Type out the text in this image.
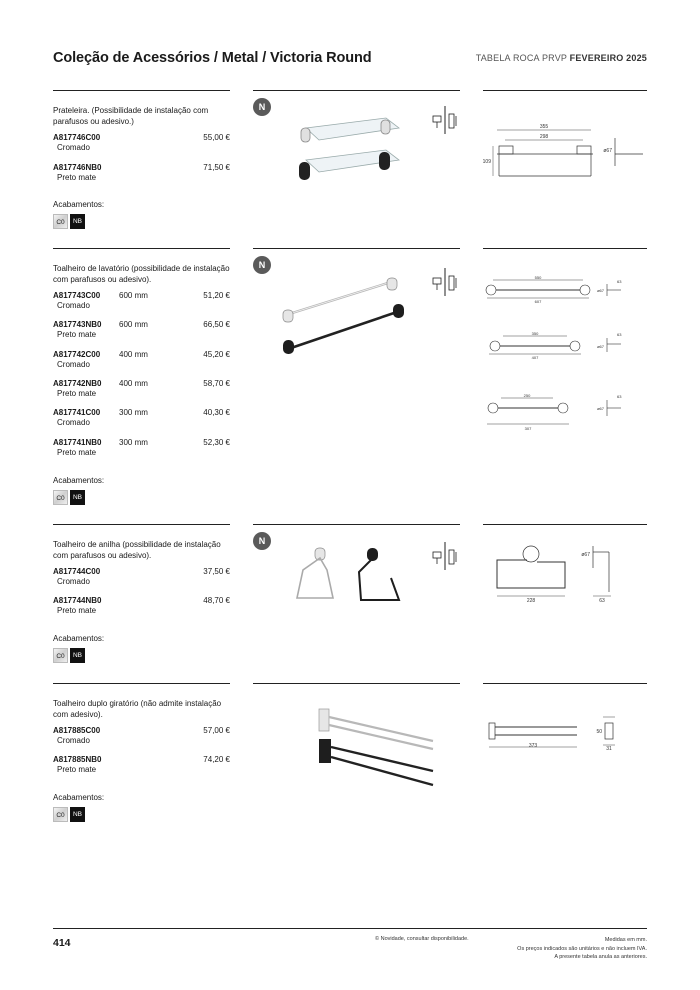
Coleção de Acessórios / Metal / Victoria Round	TABELA ROCA PRVP FEVEREIRO 2025
Prateleira. (Possibilidade de instalação com parafusos ou adesivo.)
A817746C00	55,00 €
Cromado
A817746NB0	71,50 €
Preto mate
Acabamentos:
C0	NB
N
355
298
109
ø67
Toalheiro de lavatório (possibilidade de instalação com parafusos ou adesivo).
A817743C00 600 mm	51,20 €
Cromado
A817743NB0 600 mm	66,50 €
Preto mate
A817742C00 400 mm	45,20 €
Cromado
A817742NB0 400 mm	58,70 €
Preto mate
A817741C00 300 mm	40,30 €
Cromado
A817741NB0 300 mm	52,30 €
Preto mate
Acabamentos:
C0	NB
N
550
607
63
ø67
350
407
63
ø67
250
307
63
ø67
Toalheiro de anilha (possibilidade de instalação com parafusos ou adesivo).
A817744C00	37,50 €
Cromado
A817744NB0	48,70 €
Preto mate
Acabamentos:
C0	NB
N
228
ø67
63
Toalheiro duplo giratório (não admite instalação com adesivo).
A817885C00	57,00 €
Cromado
A817885NB0	74,20 €
Preto mate
Acabamentos:
C0	NB
373
50
31
414	© Novidade, consultar disponibilidade.	Medidas em mm.
Os preços indicados são unitários e não incluem IVA.
A presente tabela anula as anteriores.
